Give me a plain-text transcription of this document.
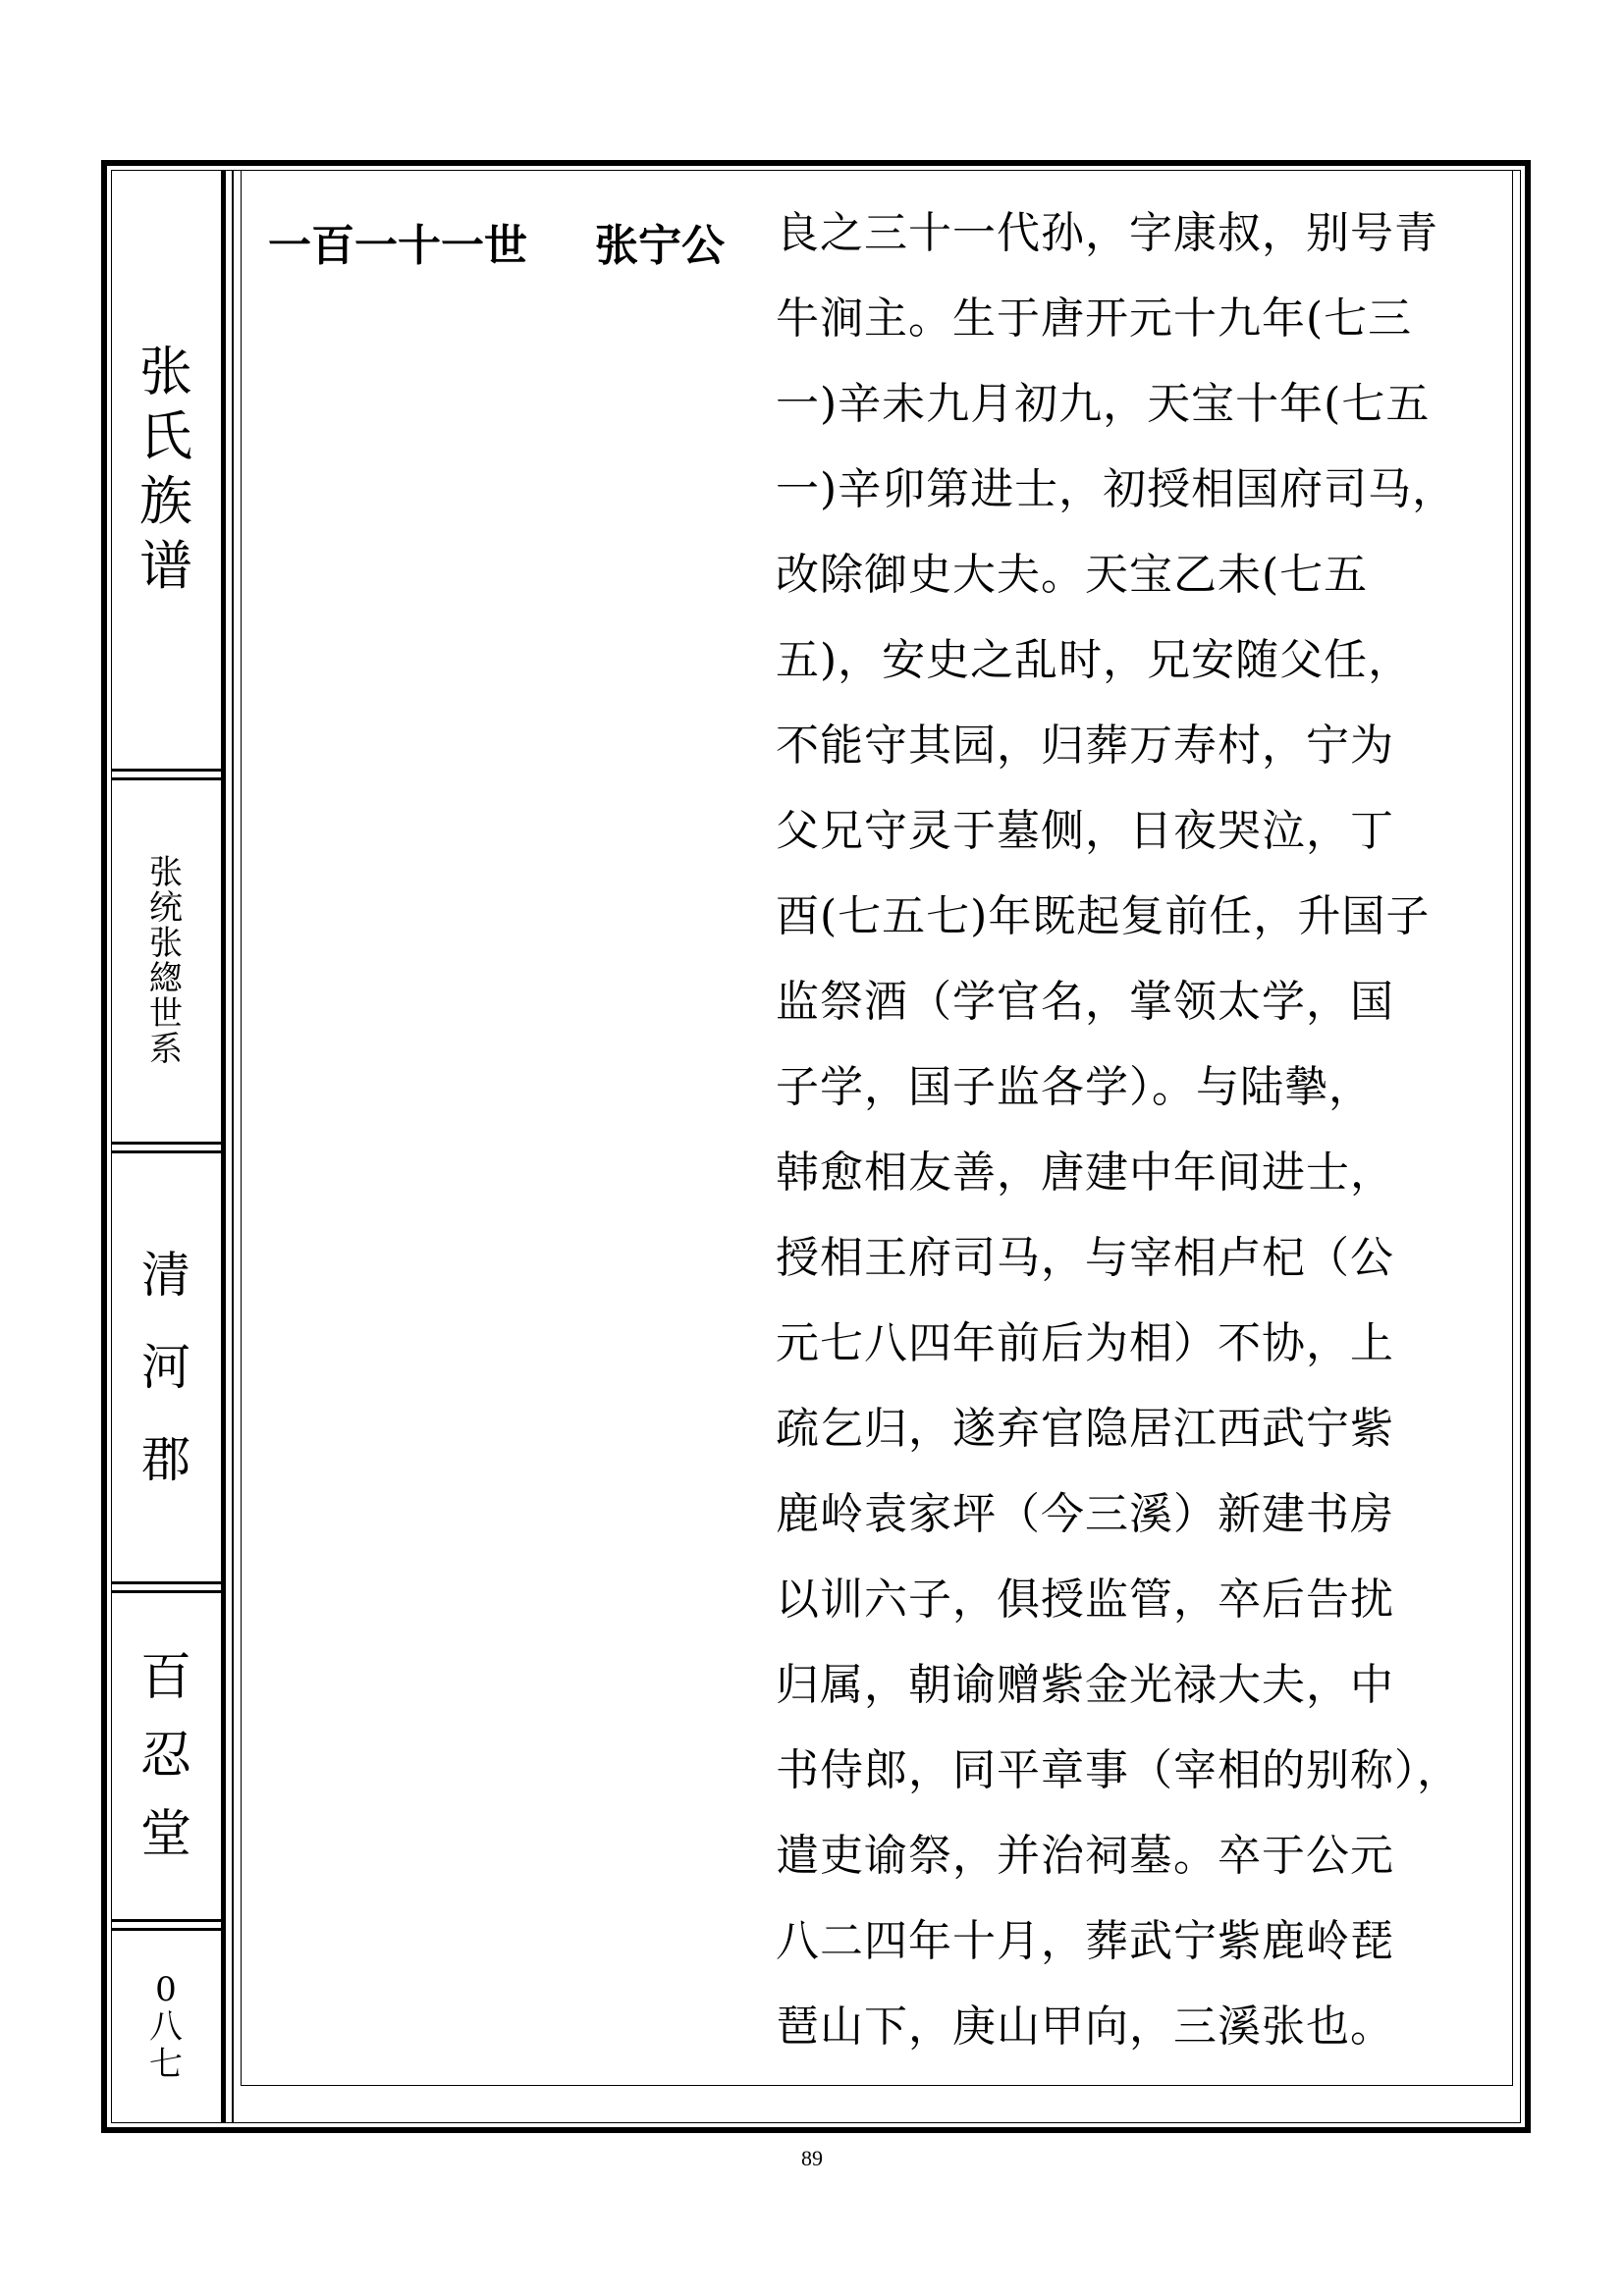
张
氏
族
谱
张
统
张
緫
世
系
清
河
郡
百
忍
堂
0
八
七
一百一十一世 张宁公 良之三十一代孙，字康叔，别号青
牛涧主。生于唐开元十九年(七三
一)辛未九月初九，天宝十年(七五
一)辛卯第进士，初授相国府司马，
改除御史大夫。天宝乙未(七五
五)，安史之乱时，兄安随父任，
不能守其园，归葬万寿村，宁为
父兄守灵于墓侧，日夜哭泣，丁
酉(七五七)年既起复前任，升国子
监祭酒（学官名，掌领太学，国
子学，国子监各学）。与陆摰，
韩愈相友善，唐建中年间进士，
授相王府司马，与宰相卢杞（公
元七八四年前后为相）不协，上
疏乞归，遂弃官隐居江西武宁紫
鹿岭袁家坪（今三溪）新建书房
以训六子，俱授监管，卒后告扰
归属，朝谕赠紫金光禄大夫，中
书侍郎，同平章事（宰相的别称），
遣吏谕祭，并治祠墓。卒于公元
八二四年十月，葬武宁紫鹿岭琵
琶山下，庚山甲向，三溪张也。
89
